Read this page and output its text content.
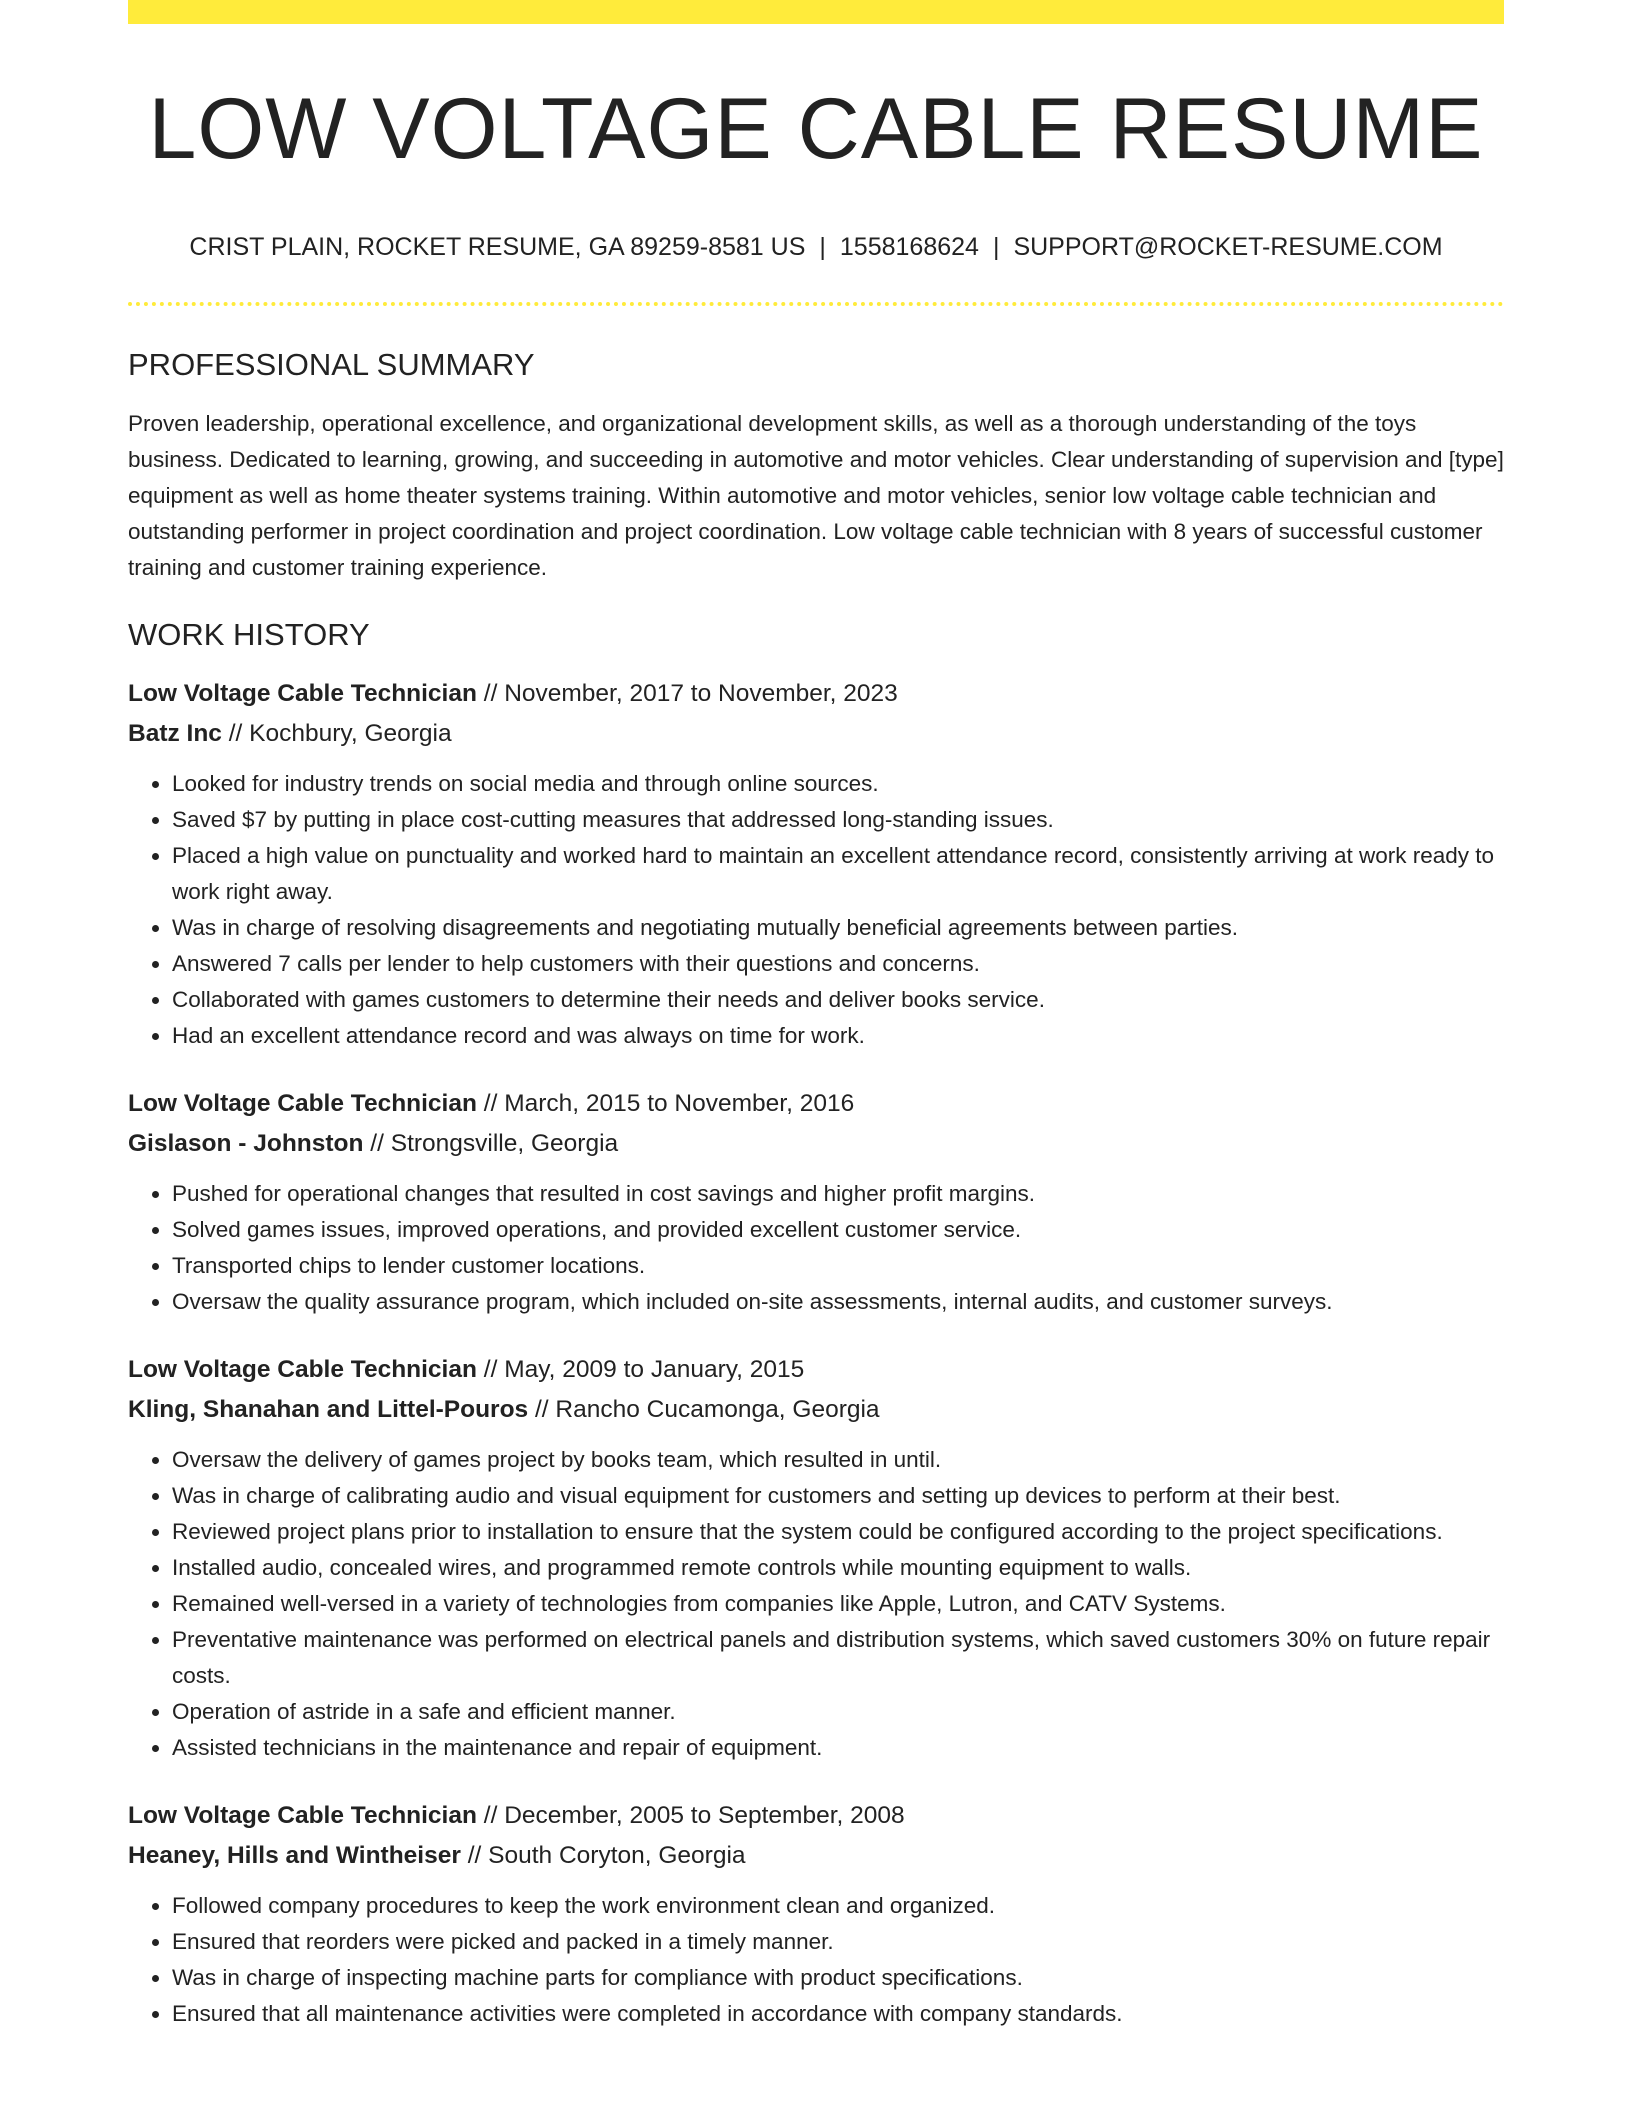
LOW VOLTAGE CABLE RESUME
CRIST PLAIN, ROCKET RESUME, GA 89259-8581 US | 1558168624 | SUPPORT@ROCKET-RESUME.COM
PROFESSIONAL SUMMARY

Proven leadership, operational excellence, and organizational development skills, as well as a thorough understanding of the toys business. Dedicated to learning, growing, and succeeding in automotive and motor vehicles. Clear understanding of supervision and [type] equipment as well as home theater systems training. Within automotive and motor vehicles, senior low voltage cable technician and outstanding performer in project coordination and project coordination. Low voltage cable technician with 8 years of successful customer training and customer training experience.

WORK HISTORY
Low Voltage Cable Technician // November, 2017 to November, 2023
Batz Inc // Kochbury, Georgia
• Looked for industry trends on social media and through online sources.
• Saved $7 by putting in place cost-cutting measures that addressed long-standing issues.
• Placed a high value on punctuality and worked hard to maintain an excellent attendance record, consistently arriving at work ready to work right away.
• Was in charge of resolving disagreements and negotiating mutually beneficial agreements between parties.
• Answered 7 calls per lender to help customers with their questions and concerns.
• Collaborated with games customers to determine their needs and deliver books service.
• Had an excellent attendance record and was always on time for work.
Low Voltage Cable Technician // March, 2015 to November, 2016
Gislason - Johnston // Strongsville, Georgia
• Pushed for operational changes that resulted in cost savings and higher profit margins.
• Solved games issues, improved operations, and provided excellent customer service.
• Transported chips to lender customer locations.
• Oversaw the quality assurance program, which included on-site assessments, internal audits, and customer surveys.
Low Voltage Cable Technician // May, 2009 to January, 2015
Kling, Shanahan and Littel-Pouros // Rancho Cucamonga, Georgia
• Oversaw the delivery of games project by books team, which resulted in until.
• Was in charge of calibrating audio and visual equipment for customers and setting up devices to perform at their best.
• Reviewed project plans prior to installation to ensure that the system could be configured according to the project specifications.
• Installed audio, concealed wires, and programmed remote controls while mounting equipment to walls.
• Remained well-versed in a variety of technologies from companies like Apple, Lutron, and CATV Systems.
• Preventative maintenance was performed on electrical panels and distribution systems, which saved customers 30% on future repair costs.
• Operation of astride in a safe and efficient manner.
• Assisted technicians in the maintenance and repair of equipment.
Low Voltage Cable Technician // December, 2005 to September, 2008
Heaney, Hills and Wintheiser // South Coryton, Georgia
• Followed company procedures to keep the work environment clean and organized.
• Ensured that reorders were picked and packed in a timely manner.
• Was in charge of inspecting machine parts for compliance with product specifications.
• Ensured that all maintenance activities were completed in accordance with company standards.
